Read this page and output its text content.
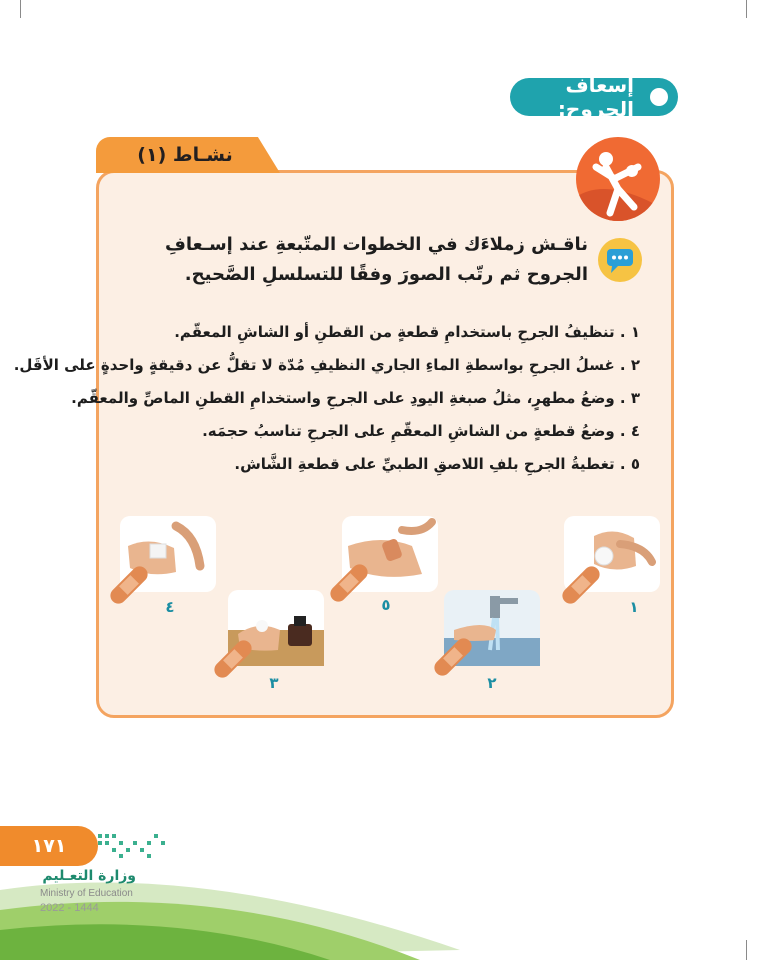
إسعاف الجروح:
نشـاط (١)
ناقـش زملاءَك في الخطوات المتّبعةِ عند إسـعافِ الجروح ثم رتّب الصورَ وفقًا للتسلسلِ الصَّحيح.
١ . تنظيفُ الجرحِ باستخدامِ قطعةٍ من القطنِ أو الشاشِ المعقّم.
٢ . غسلُ الجرحِ بواسطةِ الماءِ الجاري النظيفِ مُدّة لا تقلُّ عن دقيقةٍ واحدةٍ على الأقَل.
٣ . وضعُ مطهرٍ، مثلُ صبغةِ اليودِ على الجرحِ واستخدامِ القطنِ الماصِّ والمعقّم.
٤ . وضعُ قطعةٍ من الشاشِ المعقّمِ على الجرحِ تناسبُ حجمَه.
٥ . تغطيةُ الجرحِ بلفِ اللاصقِ الطبيِّ على قطعةِ الشَّاش.
١
٢
٥
٣
٤
١٧١
وزارة التعـليم
Ministry of Education
2022 - 1444
